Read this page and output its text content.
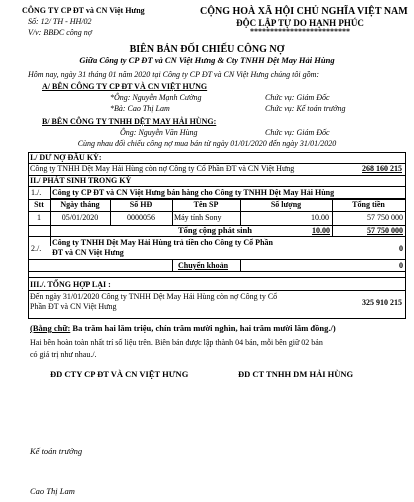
CÔNG TY CP ĐT và CN Việt Hưng
Số: 12/ TH - HH/02
V/v: BBĐC công nợ
CỘNG HOÀ XÃ HỘI CHỦ NGHĨA VIỆT NAM
ĐỘC LẬP TỰ DO HẠNH PHÚC
*************************
BIÊN BẢN ĐỐI CHIẾU CÔNG NỢ
Giữa Công ty CP ĐT và CN Việt Hưng & Cty TNHH Dệt May Hải Hùng
Hôm nay, ngày 31 tháng 01 năm 2020 tại Công ty CP ĐT và CN Việt Hưng chúng tôi gồm:
A/ BÊN CÔNG TY CP ĐT VÀ CN VIỆT HƯNG
*Ông: Nguyễn Mạnh Cường	Chức vụ: Giám Đốc
*Bà: Cao Thị Lam	Chức vụ: Kế toán trưởng
B/ BÊN CÔNG TY TNHH DỆT MAY HẢI HÙNG:
Ông: Nguyễn Văn Hùng	Chức vụ: Giám Đốc
Cùng nhau đối chiếu công nợ mua bán từ ngày 01/01/2020 đến ngày 31/01/2020
I./ DƯ NỢ ĐẦU KỲ:
Công ty TNHH Dệt May Hải Hùng còn nợ Công ty Cổ Phần ĐT và CN Việt Hưng	268 160 215
II./ PHÁT SINH TRONG KỲ
1./. Công ty CP ĐT và CN Việt Hưng bán hàng cho Công ty TNHH Dệt May Hải Hùng
Stt	Ngày tháng	Số HĐ	Tên SP	Số lượng	Tổng tiền
1	05/01/2020	0000056	Máy tính Sony	10.00	57 750 000
Tổng cộng phát sinh	10.00	57 750 000
2./.
Công ty TNHH Dệt May Hải Hùng trả tiền cho Công ty Cổ Phần
ĐT và CN Việt Hưng	0
Chuyển khoản	0
III./. TỔNG HỢP LẠI :
Đến ngày 31/01/2020 Công ty TNHH Dệt May Hải Hùng còn nợ Công ty Cổ
Phần ĐT và CN Việt Hưng	325 910 215
(Bằng chữ: Ba trăm hai lăm triệu, chín trăm mười nghìn, hai trăm mười lăm đồng./)
Hai bên hoàn toàn nhất trí số liệu trên. Biên bản được lập thành 04 bản, mỗi bên giữ 02 bản
có giá trị như nhau./.
ĐD CTY CP ĐT VÀ CN VIỆT HƯNG	ĐD CT TNHH DM HẢI HÙNG
Kế toán trưởng
Cao Thị Lam
